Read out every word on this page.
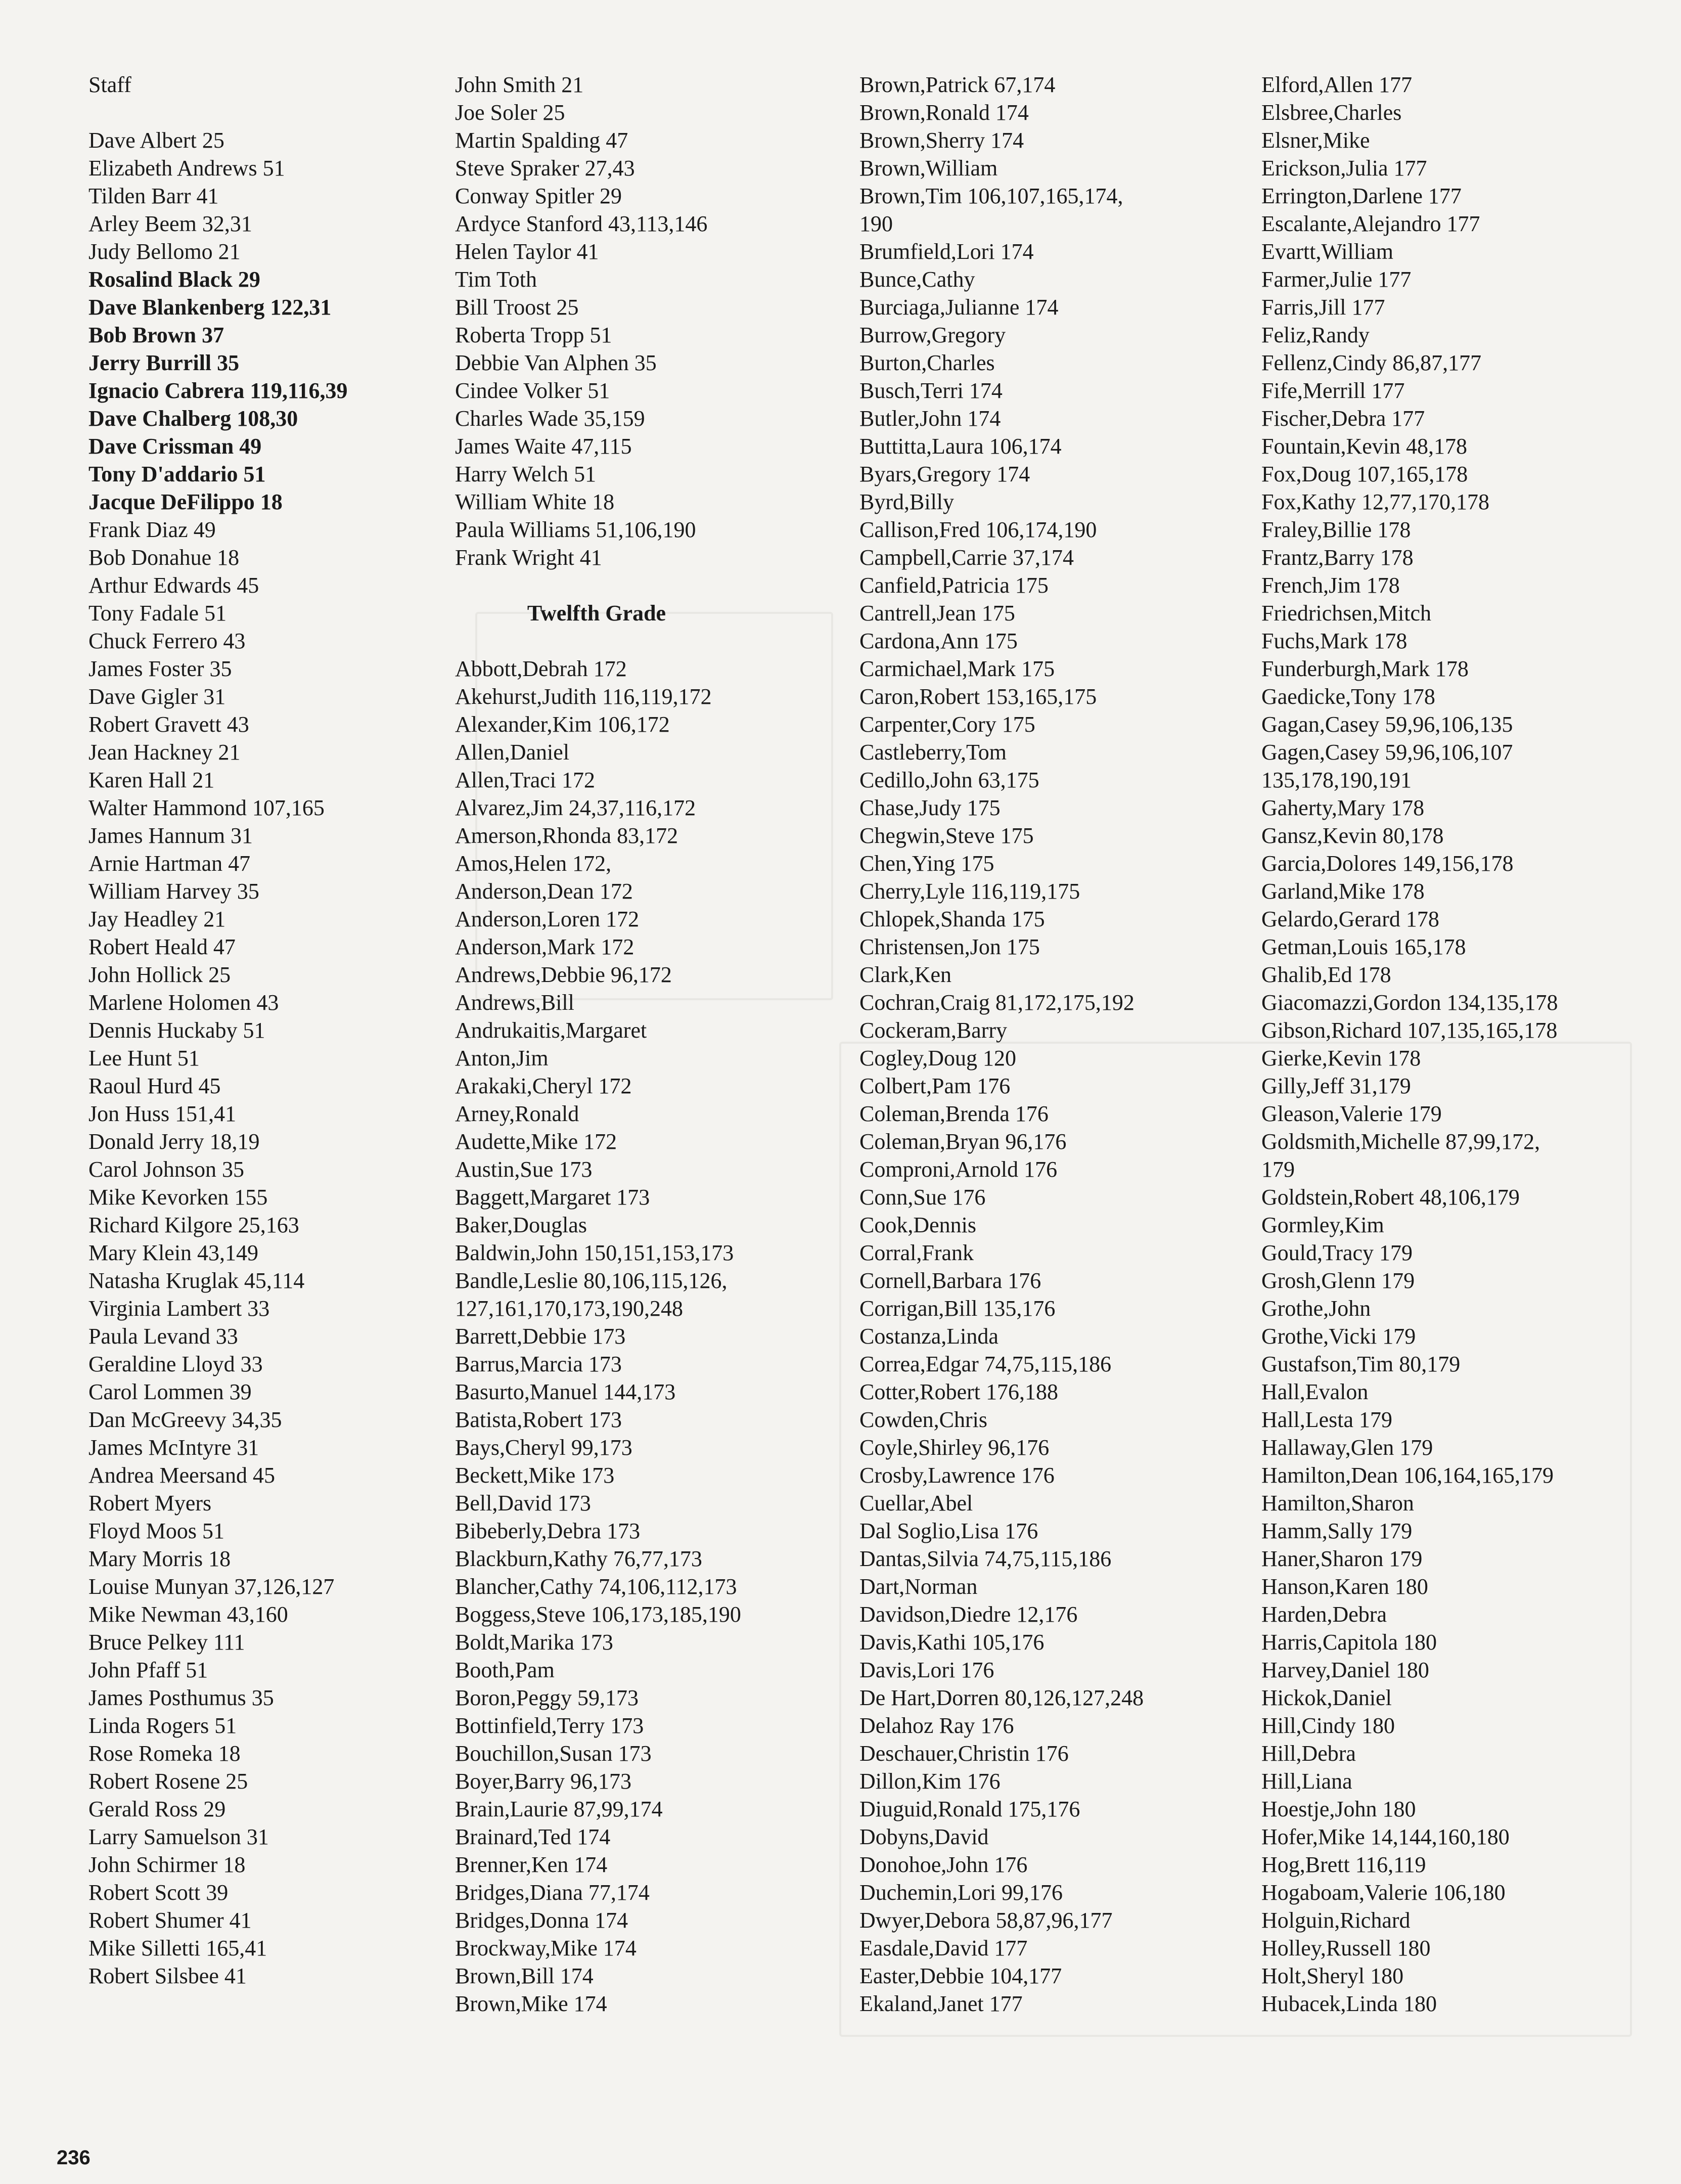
Staff
Dave Albert 25
Elizabeth Andrews 51
Tilden Barr 41
Arley Beem 32,31
Judy Bellomo 21
Rosalind Black 29
Dave Blankenberg 122,31
Bob Brown 37
Jerry Burrill 35
Ignacio Cabrera 119,116,39
Dave Chalberg 108,30
Dave Crissman 49
Tony D'addario 51
Jacque DeFilippo 18
Frank Diaz 49
Bob Donahue 18
Arthur Edwards 45
Tony Fadale 51
Chuck Ferrero 43
James Foster 35
Dave Gigler 31
Robert Gravett 43
Jean Hackney 21
Karen Hall 21
Walter Hammond 107,165
James Hannum 31
Arnie Hartman 47
William Harvey 35
Jay Headley 21
Robert Heald 47
John Hollick 25
Marlene Holomen 43
Dennis Huckaby 51
Lee Hunt 51
Raoul Hurd 45
Jon Huss 151,41
Donald Jerry 18,19
Carol Johnson 35
Mike Kevorken 155
Richard Kilgore 25,163
Mary Klein 43,149
Natasha Kruglak 45,114
Virginia Lambert 33
Paula Levand 33
Geraldine Lloyd 33
Carol Lommen 39
Dan McGreevy 34,35
James McIntyre 31
Andrea Meersand 45
Robert Myers
Floyd Moos 51
Mary Morris 18
Louise Munyan 37,126,127
Mike Newman 43,160
Bruce Pelkey 111
John Pfaff 51
James Posthumus 35
Linda Rogers 51
Rose Romeka 18
Robert Rosene 25
Gerald Ross 29
Larry Samuelson 31
John Schirmer 18
Robert Scott 39
Robert Shumer 41
Mike Silletti 165,41
Robert Silsbee 41
John Smith 21
Joe Soler 25
Martin Spalding 47
Steve Spraker 27,43
Conway Spitler 29
Ardyce Stanford 43,113,146
Helen Taylor 41
Tim Toth
Bill Troost 25
Roberta Tropp 51
Debbie Van Alphen 35
Cindee Volker 51
Charles Wade 35,159
James Waite 47,115
Harry Welch 51
William White 18
Paula Williams 51,106,190
Frank Wright 41
Twelfth Grade
Abbott,Debrah 172
Akehurst,Judith 116,119,172
Alexander,Kim 106,172
Allen,Daniel
Allen,Traci 172
Alvarez,Jim 24,37,116,172
Amerson,Rhonda 83,172
Amos,Helen 172,
Anderson,Dean 172
Anderson,Loren 172
Anderson,Mark 172
Andrews,Debbie 96,172
Andrews,Bill
Andrukaitis,Margaret
Anton,Jim
Arakaki,Cheryl 172
Arney,Ronald
Audette,Mike 172
Austin,Sue 173
Baggett,Margaret 173
Baker,Douglas
Baldwin,John 150,151,153,173
Bandle,Leslie 80,106,115,126,
127,161,170,173,190,248
Barrett,Debbie 173
Barrus,Marcia 173
Basurto,Manuel 144,173
Batista,Robert 173
Bays,Cheryl 99,173
Beckett,Mike 173
Bell,David 173
Bibeberly,Debra 173
Blackburn,Kathy 76,77,173
Blancher,Cathy 74,106,112,173
Boggess,Steve 106,173,185,190
Boldt,Marika 173
Booth,Pam
Boron,Peggy 59,173
Bottinfield,Terry 173
Bouchillon,Susan 173
Boyer,Barry 96,173
Brain,Laurie 87,99,174
Brainard,Ted 174
Brenner,Ken 174
Bridges,Diana 77,174
Bridges,Donna 174
Brockway,Mike 174
Brown,Bill 174
Brown,Mike 174
Brown,Patrick 67,174
Brown,Ronald 174
Brown,Sherry 174
Brown,William
Brown,Tim 106,107,165,174,
190
Brumfield,Lori 174
Bunce,Cathy
Burciaga,Julianne 174
Burrow,Gregory
Burton,Charles
Busch,Terri 174
Butler,John 174
Buttitta,Laura 106,174
Byars,Gregory 174
Byrd,Billy
Callison,Fred 106,174,190
Campbell,Carrie 37,174
Canfield,Patricia 175
Cantrell,Jean 175
Cardona,Ann 175
Carmichael,Mark 175
Caron,Robert 153,165,175
Carpenter,Cory 175
Castleberry,Tom
Cedillo,John 63,175
Chase,Judy 175
Chegwin,Steve 175
Chen,Ying 175
Cherry,Lyle 116,119,175
Chlopek,Shanda 175
Christensen,Jon 175
Clark,Ken
Cochran,Craig 81,172,175,192
Cockeram,Barry
Cogley,Doug 120
Colbert,Pam 176
Coleman,Brenda 176
Coleman,Bryan 96,176
Comproni,Arnold 176
Conn,Sue 176
Cook,Dennis
Corral,Frank
Cornell,Barbara 176
Corrigan,Bill 135,176
Costanza,Linda
Correa,Edgar 74,75,115,186
Cotter,Robert 176,188
Cowden,Chris
Coyle,Shirley 96,176
Crosby,Lawrence 176
Cuellar,Abel
Dal Soglio,Lisa 176
Dantas,Silvia 74,75,115,186
Dart,Norman
Davidson,Diedre 12,176
Davis,Kathi 105,176
Davis,Lori 176
De Hart,Dorren 80,126,127,248
Delahoz Ray 176
Deschauer,Christin 176
Dillon,Kim 176
Diuguid,Ronald 175,176
Dobyns,David
Donohoe,John 176
Duchemin,Lori 99,176
Dwyer,Debora 58,87,96,177
Easdale,David 177
Easter,Debbie 104,177
Ekaland,Janet 177
Elford,Allen 177
Elsbree,Charles
Elsner,Mike
Erickson,Julia 177
Errington,Darlene 177
Escalante,Alejandro 177
Evartt,William
Farmer,Julie 177
Farris,Jill 177
Feliz,Randy
Fellenz,Cindy 86,87,177
Fife,Merrill 177
Fischer,Debra 177
Fountain,Kevin 48,178
Fox,Doug 107,165,178
Fox,Kathy 12,77,170,178
Fraley,Billie 178
Frantz,Barry 178
French,Jim 178
Friedrichsen,Mitch
Fuchs,Mark 178
Funderburgh,Mark 178
Gaedicke,Tony 178
Gagan,Casey 59,96,106,135
Gagen,Casey 59,96,106,107
135,178,190,191
Gaherty,Mary 178
Gansz,Kevin 80,178
Garcia,Dolores 149,156,178
Garland,Mike 178
Gelardo,Gerard 178
Getman,Louis 165,178
Ghalib,Ed 178
Giacomazzi,Gordon 134,135,178
Gibson,Richard 107,135,165,178
Gierke,Kevin 178
Gilly,Jeff 31,179
Gleason,Valerie 179
Goldsmith,Michelle 87,99,172,
179
Goldstein,Robert 48,106,179
Gormley,Kim
Gould,Tracy 179
Grosh,Glenn 179
Grothe,John
Grothe,Vicki 179
Gustafson,Tim 80,179
Hall,Evalon
Hall,Lesta 179
Hallaway,Glen 179
Hamilton,Dean 106,164,165,179
Hamilton,Sharon
Hamm,Sally 179
Haner,Sharon 179
Hanson,Karen 180
Harden,Debra
Harris,Capitola 180
Harvey,Daniel 180
Hickok,Daniel
Hill,Cindy 180
Hill,Debra
Hill,Liana
Hoestje,John 180
Hofer,Mike 14,144,160,180
Hog,Brett 116,119
Hogaboam,Valerie 106,180
Holguin,Richard
Holley,Russell 180
Holt,Sheryl 180
Hubacek,Linda 180
236
